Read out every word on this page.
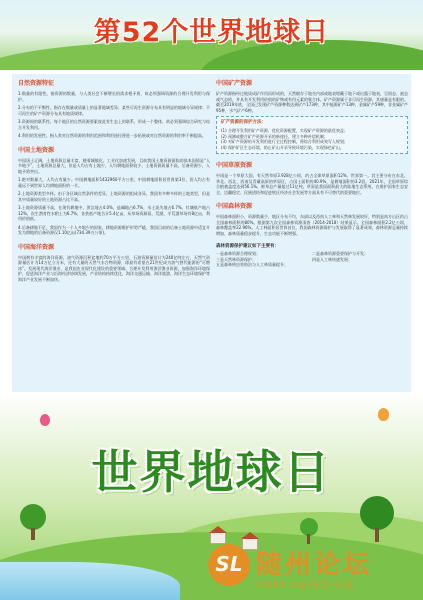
第52个世界地球日
自然资源特征

1.数量的有限性。指资源的数量，与人类社会不断增长的需求相矛盾，故必须强调资源的合理开发利用与保护。

2.分布的不平衡性。指存在数量或质量上的显著地域差异；某些可再生资源分布具有明显的地域分异规律；不可再生的矿产资源分布具有地质规律。

3.资源间的联系性。每个地区的自然资源要素彼此有生态上的联系，形成一个整体，故必须强调综合研究与综合开发利用。

4.利用的发展性。指人类对自然资源的利用范围和利用途径将进一步拓展或对自然资源的利用率不断提高。

中国土地资源

中国国土辽阔，土地资源总量丰富，随着城镇化、工业化加速发展，目前我国土地资源面临的基本国情是“人多地少”，土地资源总量大，但是人均占有土地少，人均耕地面积较少，土地资源质量不高，后备资源少，人地矛盾突出。

1.绝对数量大，人均占有量少。中国耕地面积1432960平方公里，中国耕地面积居世界第3位，但人均占有量远不到世界人均耕地面积的一半。

2.土地资源类型多样。由于各区域自然条件的差异，土地资源的组成各异，我国有多种多样的土地类型，但是其中质量较好的土地资源占比不高。

3.土地资源质量不高，在现有耕地中，涝洼地占4.0%，盐碱地占6.7%，水土流失地占6.7%，红壤低产地占12%，次生潜育性水稻土为6.7%，各类低产地合计5.4亿亩，从草场资源看，荒漠、半荒漠草场有8亿亩，利用价值低。

4.后备耕地不足，我国作为一个人多地少的国家，耕地资源维护形势严峻，我国目前的后备土地资源中适宜开发为耕地的后备资源仅1.10亿亩(734.39万公顷)。

中国海洋资源

中国拥有丰富的海洋资源，油气资源沉积盆地约70万平方公里，石油资源量估计为240亿吨左右，天然气资源量估计为14万亿立方米，还有大量的天然气水合物资源，即最有希望在21世纪成为油气替代能源的“可燃冰”。发展现代海洋渔业，是我国农业现代化建设的重要领域。合理开发利用海洋渔业资源，加强海洋环境保护，促进海洋产业与沿海经济协调发展，产业结构持续优化，海洋交通运输、海洋旅游、海洋生态环境保护等海洋产业发展不断加快。

中国矿产资源

矿产资源指经过地质成矿作用而形成的，天然赋存于地壳内部或地表埋藏于地下或出露于地表，呈固态、液态或气态的，并具有开发利用价值的矿物或有用元素的集合体。矿产资源属于非可再生资源，其储量是有限的。截至2019年底，全国已发现矿产资源种数达到矿产173种，其中能源矿产13种，金属矿产59种，非金属矿产95种，水气矿产6种。

矿产资源的保护方法：
(1) 合理开发利用矿产资源，优化资源配置，实现矿产资源的最优效益；
(2) 预测或整合矿产资源开采的新途径，建立多种补偿机制；
(3) 对矿产资源的开发利用进行全过程控制，将综合利用成效写入规划；
(4) 保护矿区生态环境，防止矿山开采导致环境污染，实现绿色矿山。
中国草原资源

中国是一个草原大国，有天然草原3.928亿公顷，约占全球草原面积12%，世界第一。其主要分布在东北、华北、西北、西南及青藏高原的草原区，占国土面积的40.9%，是耕地面积的3.2倍。2021年，全国草原综合植被盖度达到56.1%，鲜草总产量超过11亿吨。草原是我国面积最大的陆地生态系统，在维护国家生态安全、边疆稳定、民族团结和促进牧区经济社会发展等方面具有不可替代的重要地位。

中国森林资源

中国森林面积小，资源数量少，地区分布不均，东部以及西南人工林和天然林发展较好，特别是南方山区约占全国森林面积的80%。根据第九次全国森林资源清查（2014-2018）结果显示，全国森林面积2.2亿公顷，森林覆盖率22.96%。人工林面积居世界首位。我国森林资源保护与发展取得了显著成效，森林资源总量持续增加，森林质量稳步提升，生态功能不断增强。

森林资源保护建议如下主要有：
一是森林资源合理规划；	二是森林资源重要保护与开发；
三是天然林资源保护；	四是人工林快速发展；
五是森林病虫害防治与人工林质量提升；
世界地球日
SL 随州论坛
szbbs.org 民生·公益
